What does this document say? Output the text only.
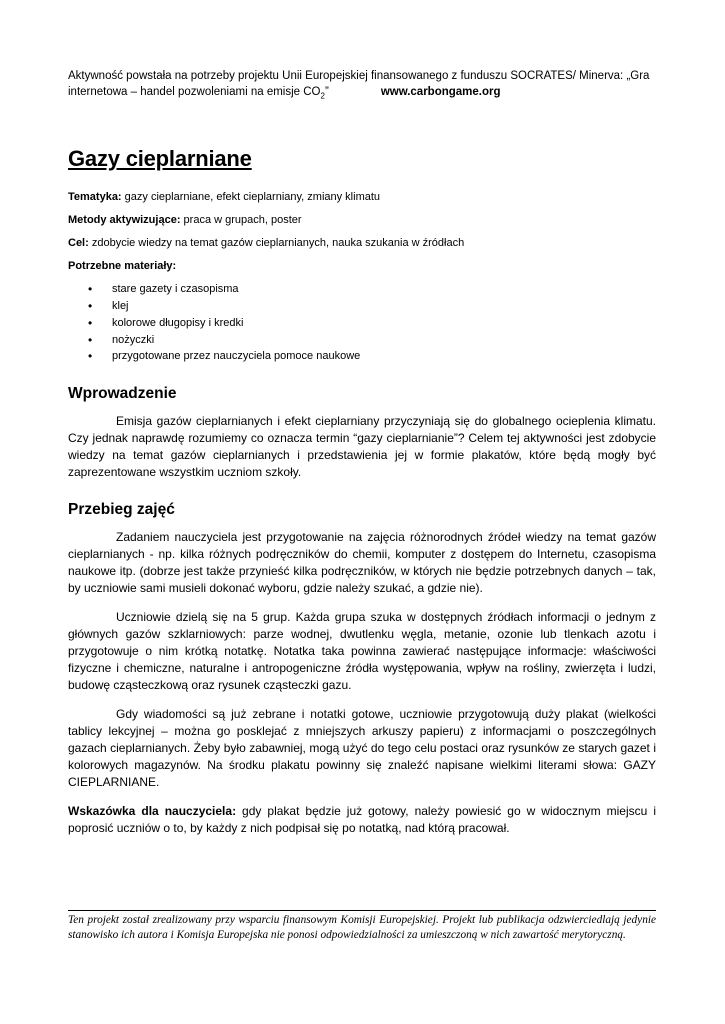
Aktywność powstała na potrzeby projektu Unii Europejskiej finansowanego z funduszu SOCRATES/ Minerva: „Gra
internetowa – handel pozwoleniami na emisje $CO_2$”	www.carbongame.org
Gazy cieplarniane
Tematyka: gazy cieplarniane, efekt cieplarniany, zmiany klimatu
Metody aktywizujące: praca w grupach, poster
Cel: zdobycie wiedzy na temat gazów cieplarnianych, nauka szukania w źródłach
Potrzebne materiały:
• stare gazety i czasopisma
• klej
• kolorowe długopisy i kredki
• nożyczki
• przygotowane przez nauczyciela pomoce naukowe
Wprowadzenie

Emisja gazów cieplarnianych i efekt cieplarniany przyczyniają się do globalnego ocieplenia klimatu. Czy jednak naprawdę rozumiemy co oznacza termin “gazy cieplarnianie”? Celem tej aktywności jest zdobycie wiedzy na temat gazów cieplarnianych i przedstawienia jej w formie plakatów, które będą mogły być zaprezentowane wszystkim uczniom szkoły.

Przebieg zajęć

Zadaniem nauczyciela jest przygotowanie na zajęcia różnorodnych źródeł wiedzy na temat gazów cieplarnianych - np. kilka różnych podręczników do chemii, komputer z dostępem do Internetu, czasopisma naukowe itp. (dobrze jest także przynieść kilka podręczników, w których nie będzie potrzebnych danych – tak, by uczniowie sami musieli dokonać wyboru, gdzie należy szukać, a gdzie nie).

Uczniowie dzielą się na 5 grup. Każda grupa szuka w dostępnych źródłach informacji o jednym z głównych gazów szklarniowych: parze wodnej, dwutlenku węgla, metanie, ozonie lub tlenkach azotu i przygotowuje o nim krótką notatkę. Notatka taka powinna zawierać następujące informacje: właściwości fizyczne i chemiczne, naturalne i antropogeniczne źródła występowania, wpływ na rośliny, zwierzęta i ludzi, budowę cząsteczkową oraz rysunek cząsteczki gazu.

Gdy wiadomości są już zebrane i notatki gotowe, uczniowie przygotowują duży plakat (wielkości tablicy lekcyjnej – można go posklejać z mniejszych arkuszy papieru) z informacjami o poszczególnych gazach cieplarnianych. Żeby było zabawniej, mogą użyć do tego celu postaci oraz rysunków ze starych gazet i kolorowych magazynów. Na środku plakatu powinny się znaleźć napisane wielkimi literami słowa: GAZY CIEPLARNIANE.

Wskazówka dla nauczyciela: gdy plakat będzie już gotowy, należy powiesić go w widocznym miejscu i poprosić uczniów o to, by każdy z nich podpisał się po notatką, nad którą pracował.

Ten projekt został zrealizowany przy wsparciu finansowym Komisji Europejskiej. Projekt lub publikacja odzwierciedlają jedynie stanowisko ich autora i Komisja Europejska nie ponosi odpowiedzialności za umieszczoną w nich zawartość merytoryczną.
